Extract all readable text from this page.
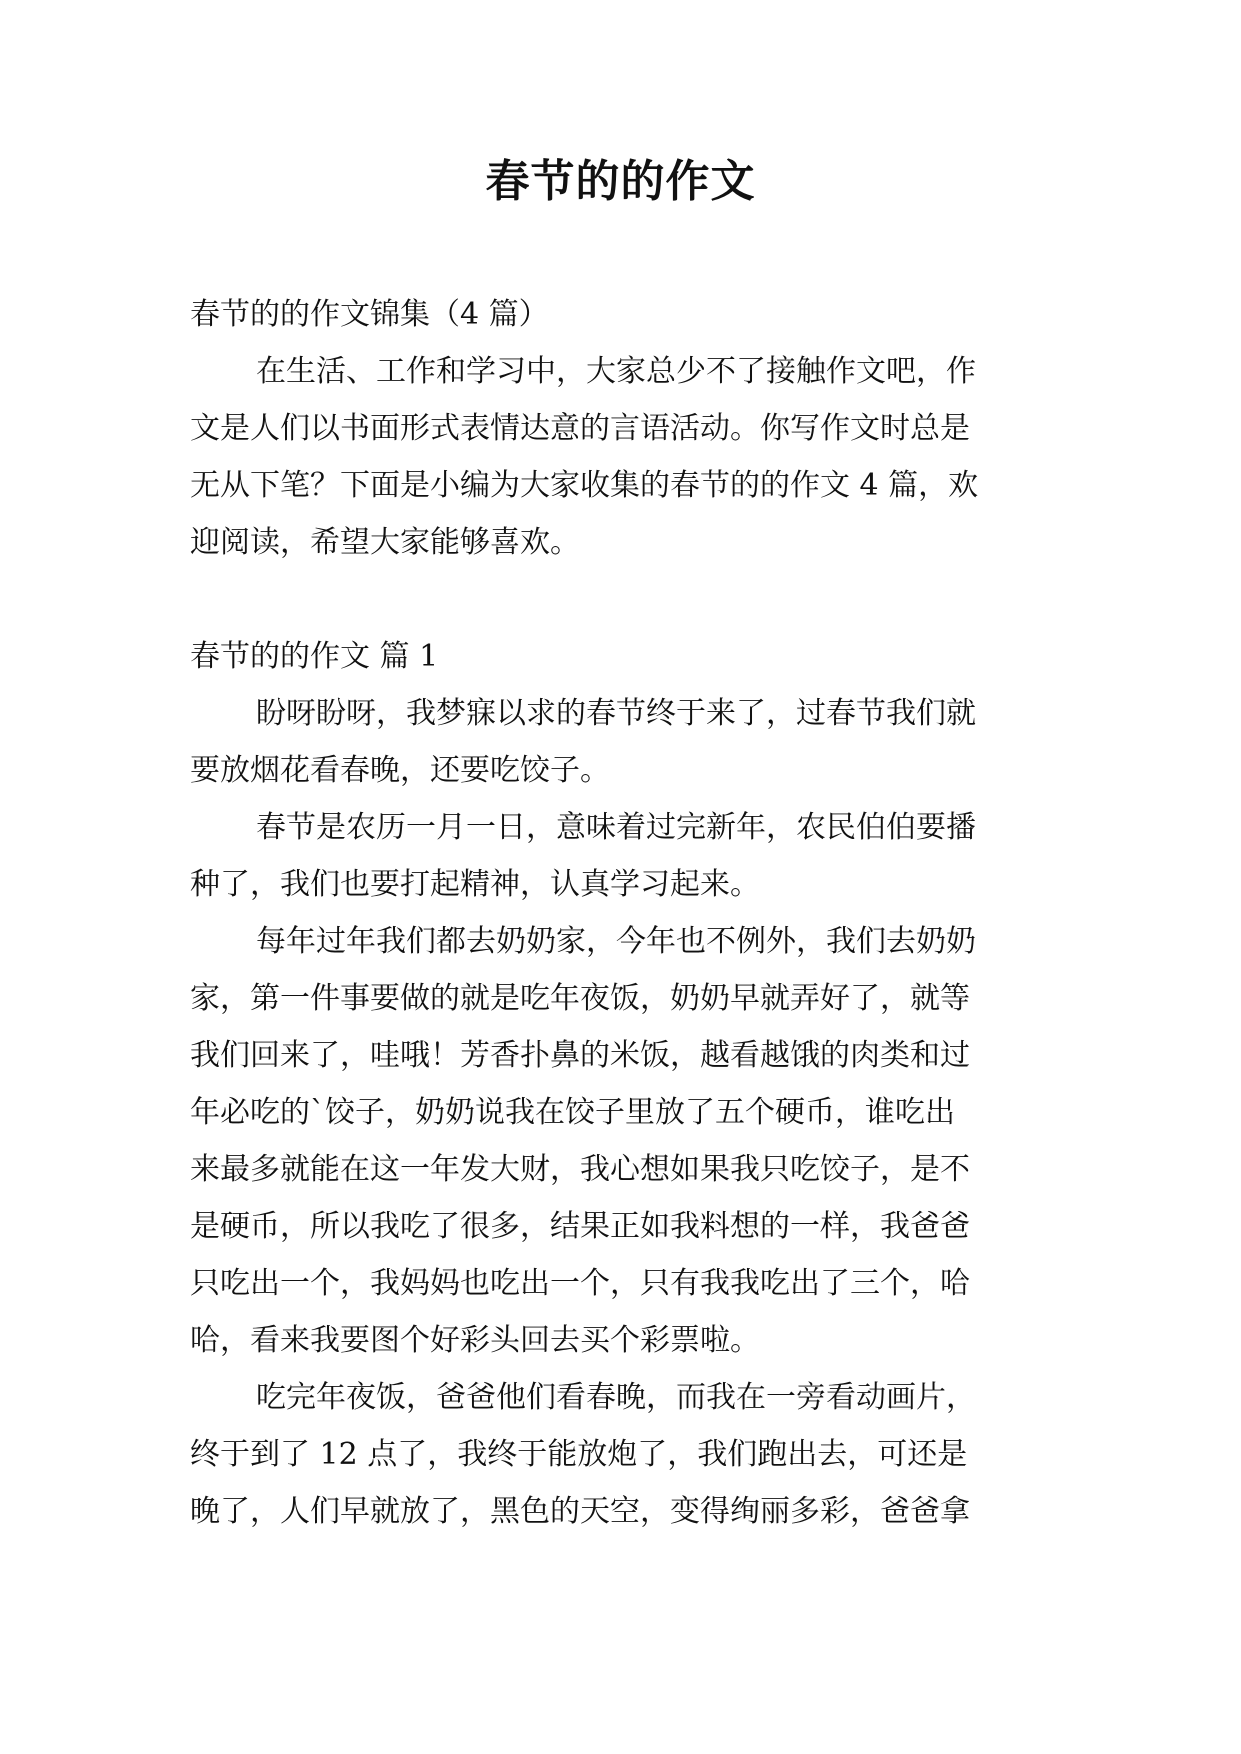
春节的的作文
春节的的作文锦集（4 篇）
在生活、工作和学习中，大家总少不了接触作文吧，作
文是人们以书面形式表情达意的言语活动。你写作文时总是
无从下笔？下面是小编为大家收集的春节的的作文 4 篇，欢
迎阅读，希望大家能够喜欢。
春节的的作文 篇 1
盼呀盼呀，我梦寐以求的春节终于来了，过春节我们就
要放烟花看春晚，还要吃饺子。
春节是农历一月一日，意味着过完新年，农民伯伯要播
种了，我们也要打起精神，认真学习起来。
每年过年我们都去奶奶家，今年也不例外，我们去奶奶
家，第一件事要做的就是吃年夜饭，奶奶早就弄好了，就等
我们回来了，哇哦！芳香扑鼻的米饭，越看越饿的肉类和过
年必吃的`饺子，奶奶说我在饺子里放了五个硬币，谁吃出
来最多就能在这一年发大财，我心想如果我只吃饺子，是不
是硬币，所以我吃了很多，结果正如我料想的一样，我爸爸
只吃出一个，我妈妈也吃出一个，只有我我吃出了三个，哈
哈，看来我要图个好彩头回去买个彩票啦。
吃完年夜饭，爸爸他们看春晚，而我在一旁看动画片，
终于到了 12 点了，我终于能放炮了，我们跑出去，可还是
晚了，人们早就放了，黑色的天空，变得绚丽多彩，爸爸拿
